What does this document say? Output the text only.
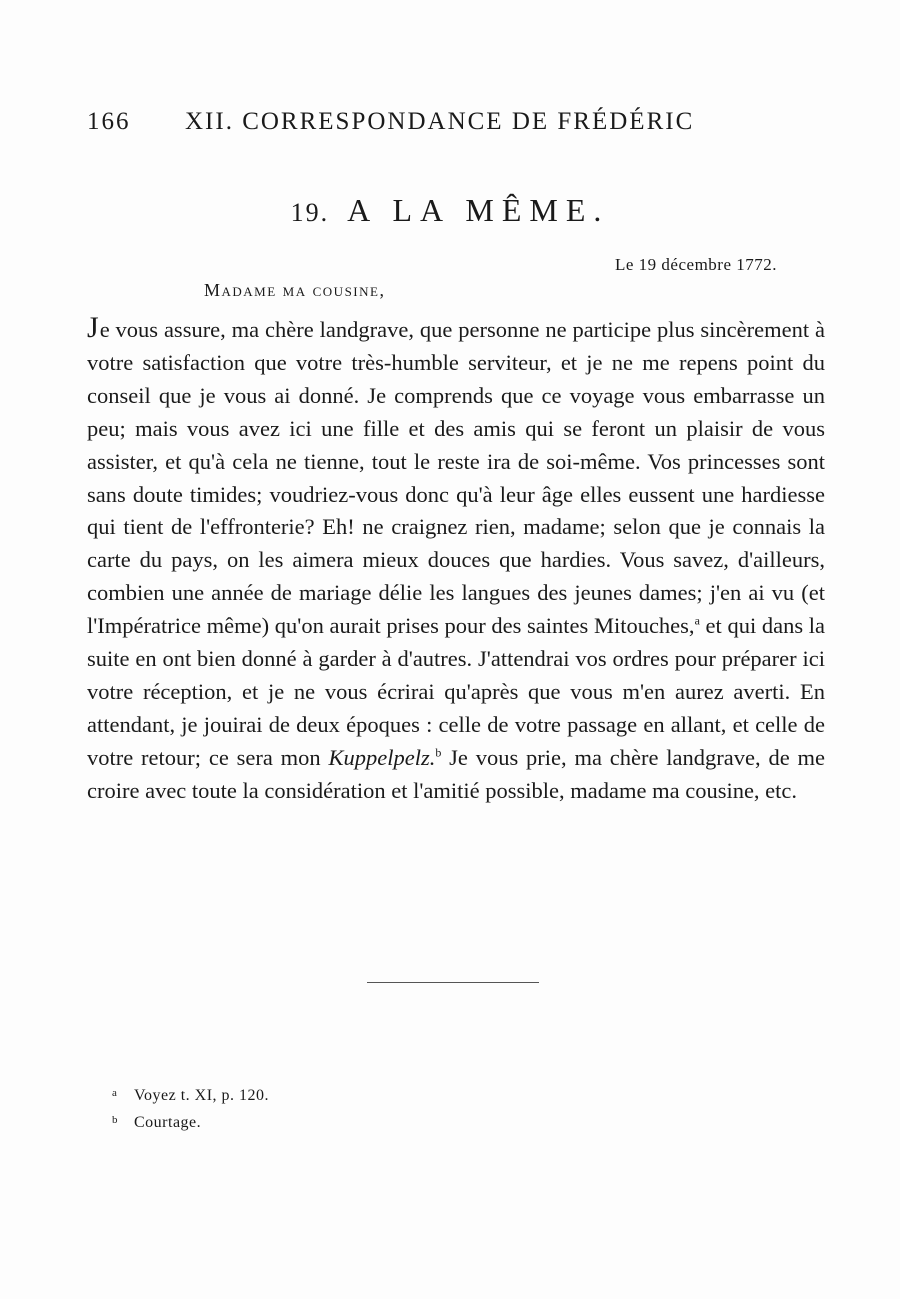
166 XII. CORRESPONDANCE DE FRÉDÉRIC
19. A LA MÊME.
Le 19 décembre 1772.
Madame ma cousine,

Je vous assure, ma chère landgrave, que personne ne participe plus sincèrement à votre satisfaction que votre très-humble serviteur, et je ne me repens point du conseil que je vous ai donné. Je comprends que ce voyage vous embarrasse un peu; mais vous avez ici une fille et des amis qui se feront un plaisir de vous assister, et qu'à cela ne tienne, tout le reste ira de soi-même. Vos princesses sont sans doute timides; voudriez-vous donc qu'à leur âge elles eussent une hardiesse qui tient de l'effronterie? Eh! ne craignez rien, madame; selon que je connais la carte du pays, on les aimera mieux douces que hardies. Vous savez, d'ailleurs, combien une année de mariage délie les langues des jeunes dames; j'en ai vu (et l'Impératrice même) qu'on aurait prises pour des saintes Mitouches,$^a$ et qui dans la suite en ont bien donné à garder à d'autres. J'attendrai vos ordres pour préparer ici votre réception, et je ne vous écrirai qu'après que vous m'en aurez averti. En attendant, je jouirai de deux époques : celle de votre passage en allant, et celle de votre retour; ce sera mon Kuppelpelz.$^b$ Je vous prie, ma chère landgrave, de me croire avec toute la considération et l'amitié possible, madame ma cousine, etc.

a Voyez t. XI, p. 120.
b Courtage.
